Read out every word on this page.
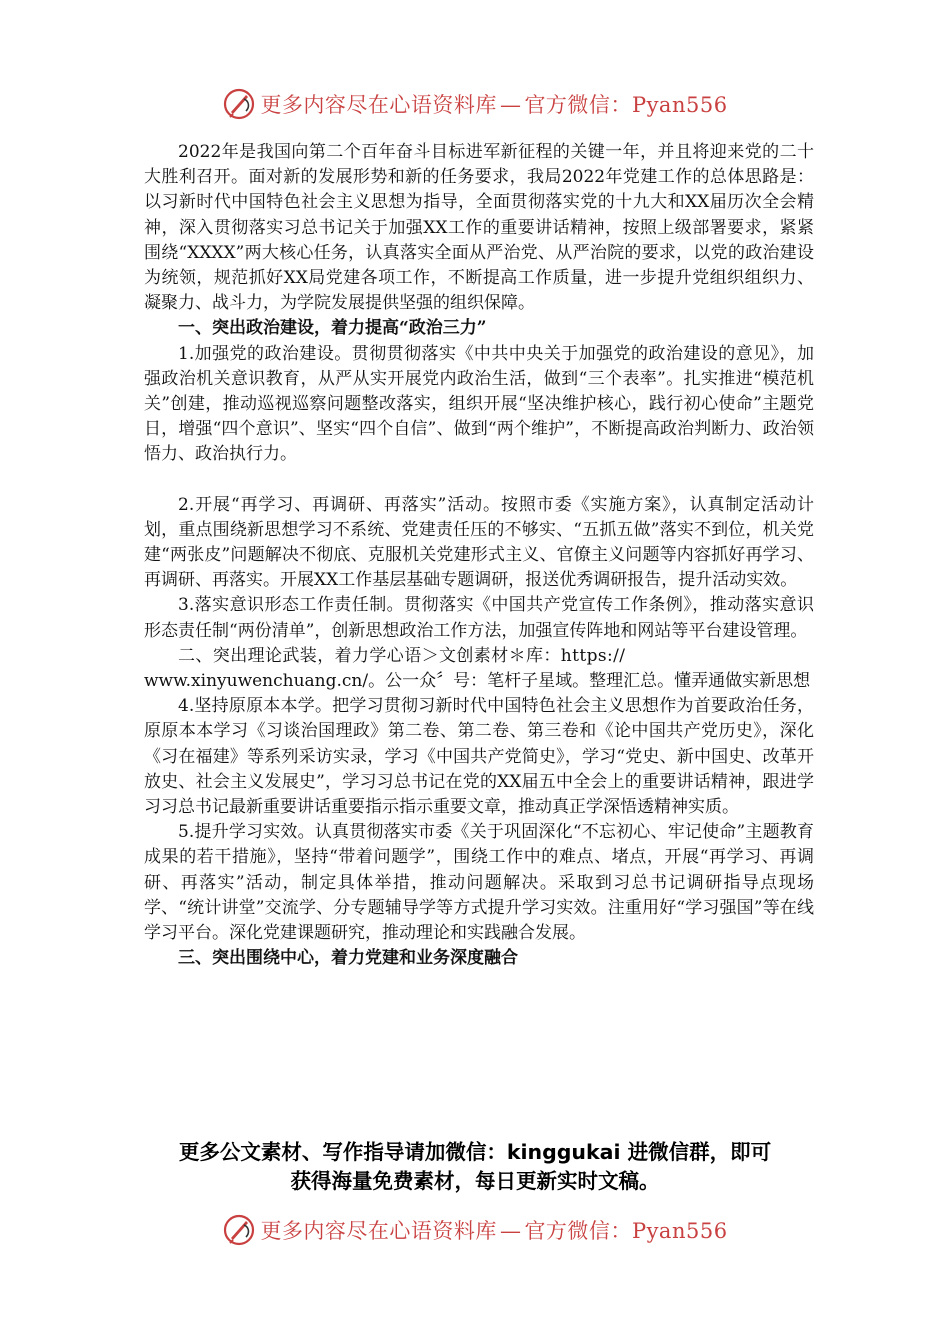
更多内容尽在心语资料库 — 官方微信：Pyan556

2022年是我国向第二个百年奋斗目标进军新征程的关键一年，并且将迎来党的二十大胜利召开。面对新的发展形势和新的任务要求，我局2022年党建工作的总体思路是：以习新时代中国特色社会主义思想为指导，全面贯彻落实党的十九大和XX届历次全会精神，深入贯彻落实习总书记关于加强XX工作的重要讲话精神，按照上级部署要求，紧紧围绕“XXXX”两大核心任务，认真落实全面从严治党、从严治院的要求，以党的政治建设为统领，规范抓好XX局党建各项工作，不断提高工作质量，进一步提升党组织组织力、凝聚力、战斗力，为学院发展提供坚强的组织保障。

一、突出政治建设，着力提高“政治三力”

1.加强党的政治建设。贯彻贯彻落实《中共中央关于加强党的政治建设的意见》，加强政治机关意识教育，从严从实开展党内政治生活，做到“三个表率”。扎实推进“模范机关”创建，推动巡视巡察问题整改落实，组织开展“坚决维护核心，践行初心使命”主题党日，增强“四个意识”、坚实“四个自信”、做到“两个维护”，不断提高政治判断力、政治领悟力、政治执行力。

2.开展“再学习、再调研、再落实”活动。按照市委《实施方案》，认真制定活动计划，重点围绕新思想学习不系统、党建责任压的不够实、“五抓五做”落实不到位，机关党建“两张皮”问题解决不彻底、克服机关党建形式主义、官僚主义问题等内容抓好再学习、再调研、再落实。开展XX工作基层基础专题调研，报送优秀调研报告，提升活动实效。

3.落实意识形态工作责任制。贯彻落实《中国共产党宣传工作条例》，推动落实意识形态责任制“两份清单”，创新思想政治工作方法，加强宣传阵地和网站等平台建设管理。

二、突出理论武装，着力学心语＞文创素材＊库：https://

www.xinyuwenchuang.cn/。公一众〞号：笔杆子星域。整理汇总。懂弄通做实新思想

4.坚持原原本本学。把学习贯彻习新时代中国特色社会主义思想作为首要政治任务，原原本本学习《习谈治国理政》第二卷、第二卷、第三卷和《论中国共产党历史》，深化《习在福建》等系列采访实录，学习《中国共产党简史》，学习“党史、新中国史、改革开放史、社会主义发展史”，学习习总书记在党的XX届五中全会上的重要讲话精神，跟进学习习总书记最新重要讲话重要指示指示重要文章，推动真正学深悟透精神实质。

5.提升学习实效。认真贯彻落实市委《关于巩固深化“不忘初心、牢记使命”主题教育成果的若干措施》，坚持“带着问题学”，围绕工作中的难点、堵点，开展“再学习、再调研、再落实”活动，制定具体举措，推动问题解决。采取到习总书记调研指导点现场学、“统计讲堂”交流学、分专题辅导学等方式提升学习实效。注重用好“学习强国”等在线学习平台。深化党建课题研究，推动理论和实践融合发展。

三、突出围绕中心，着力党建和业务深度融合

更多公文素材、写作指导请加微信：kinggukai 进微信群，即可
获得海量免费素材，每日更新实时文稿。
更多内容尽在心语资料库 — 官方微信：Pyan556
